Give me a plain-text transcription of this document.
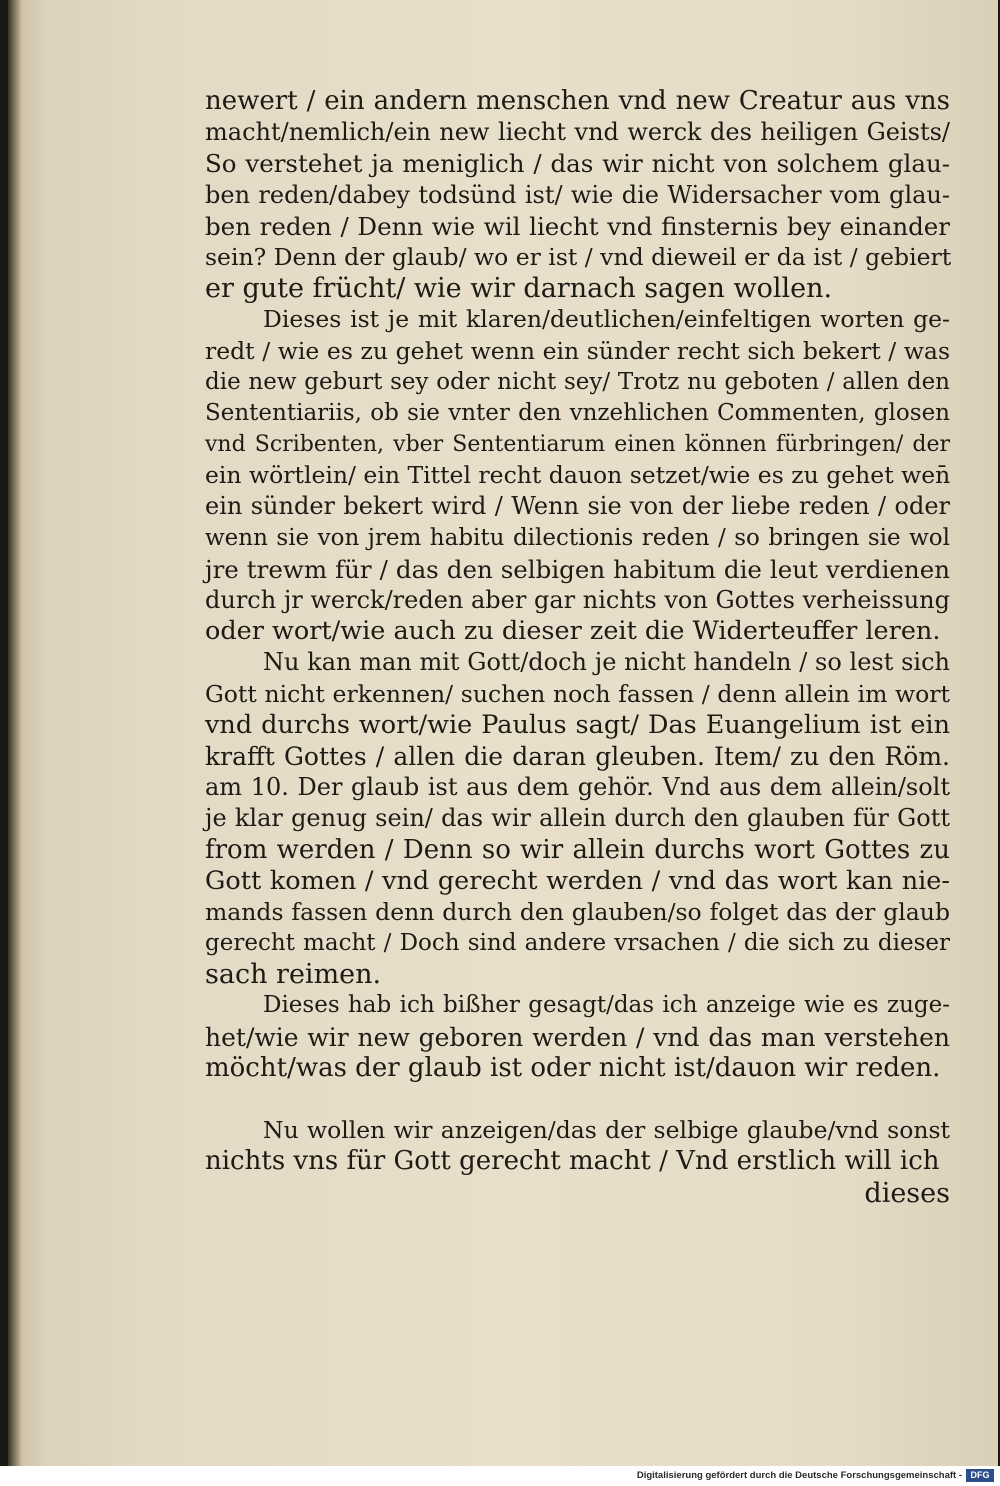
newert / ein andern menschen vnd new Creatur aus vns
macht/nemlich/ein new liecht vnd werck des heiligen Geists/
So verstehet ja meniglich / das wir nicht von solchem glau-
ben reden/dabey todsünd ist/ wie die Widersacher vom glau-
ben reden / Denn wie wil liecht vnd finsternis bey einander
sein? Denn der glaub/ wo er ist / vnd dieweil er da ist / gebiert
er gute frücht/ wie wir darnach sagen wollen.
Dieses ist je mit klaren/deutlichen/einfeltigen worten ge-
redt / wie es zu gehet wenn ein sünder recht sich bekert / was
die new geburt sey oder nicht sey/ Trotz nu geboten / allen den
Sententiariis, ob sie vnter den vnzehlichen Commenten, glosen
vnd Scribenten, vber Sententiarum einen können fürbringen/ der
ein wörtlein/ ein Tittel recht dauon setzet/wie es zu gehet wen̄
ein sünder bekert wird / Wenn sie von der liebe reden / oder
wenn sie von jrem habitu dilectionis reden / so bringen sie wol
jre trewm für / das den selbigen habitum die leut verdienen
durch jr werck/reden aber gar nichts von Gottes verheissung
oder wort/wie auch zu dieser zeit die Widerteuffer leren.
Nu kan man mit Gott/doch je nicht handeln / so lest sich
Gott nicht erkennen/ suchen noch fassen / denn allein im wort
vnd durchs wort/wie Paulus sagt/ Das Euangelium ist ein
krafft Gottes / allen die daran gleuben. Item/ zu den Röm.
am 10. Der glaub ist aus dem gehör. Vnd aus dem allein/solt
je klar genug sein/ das wir allein durch den glauben für Gott
from werden / Denn so wir allein durchs wort Gottes zu
Gott komen / vnd gerecht werden / vnd das wort kan nie-
mands fassen denn durch den glauben/so folget das der glaub
gerecht macht / Doch sind andere vrsachen / die sich zu dieser
sach reimen.
Dieses hab ich bißher gesagt/das ich anzeige wie es zuge-
het/wie wir new geboren werden / vnd das man verstehen
möcht/was der glaub ist oder nicht ist/dauon wir reden.
Nu wollen wir anzeigen/das der selbige glaube/vnd sonst
nichts vns für Gott gerecht macht / Vnd erstlich will ich
dieses
Digitalisierung gefördert durch die Deutsche Forschungsgemeinschaft - DFG
